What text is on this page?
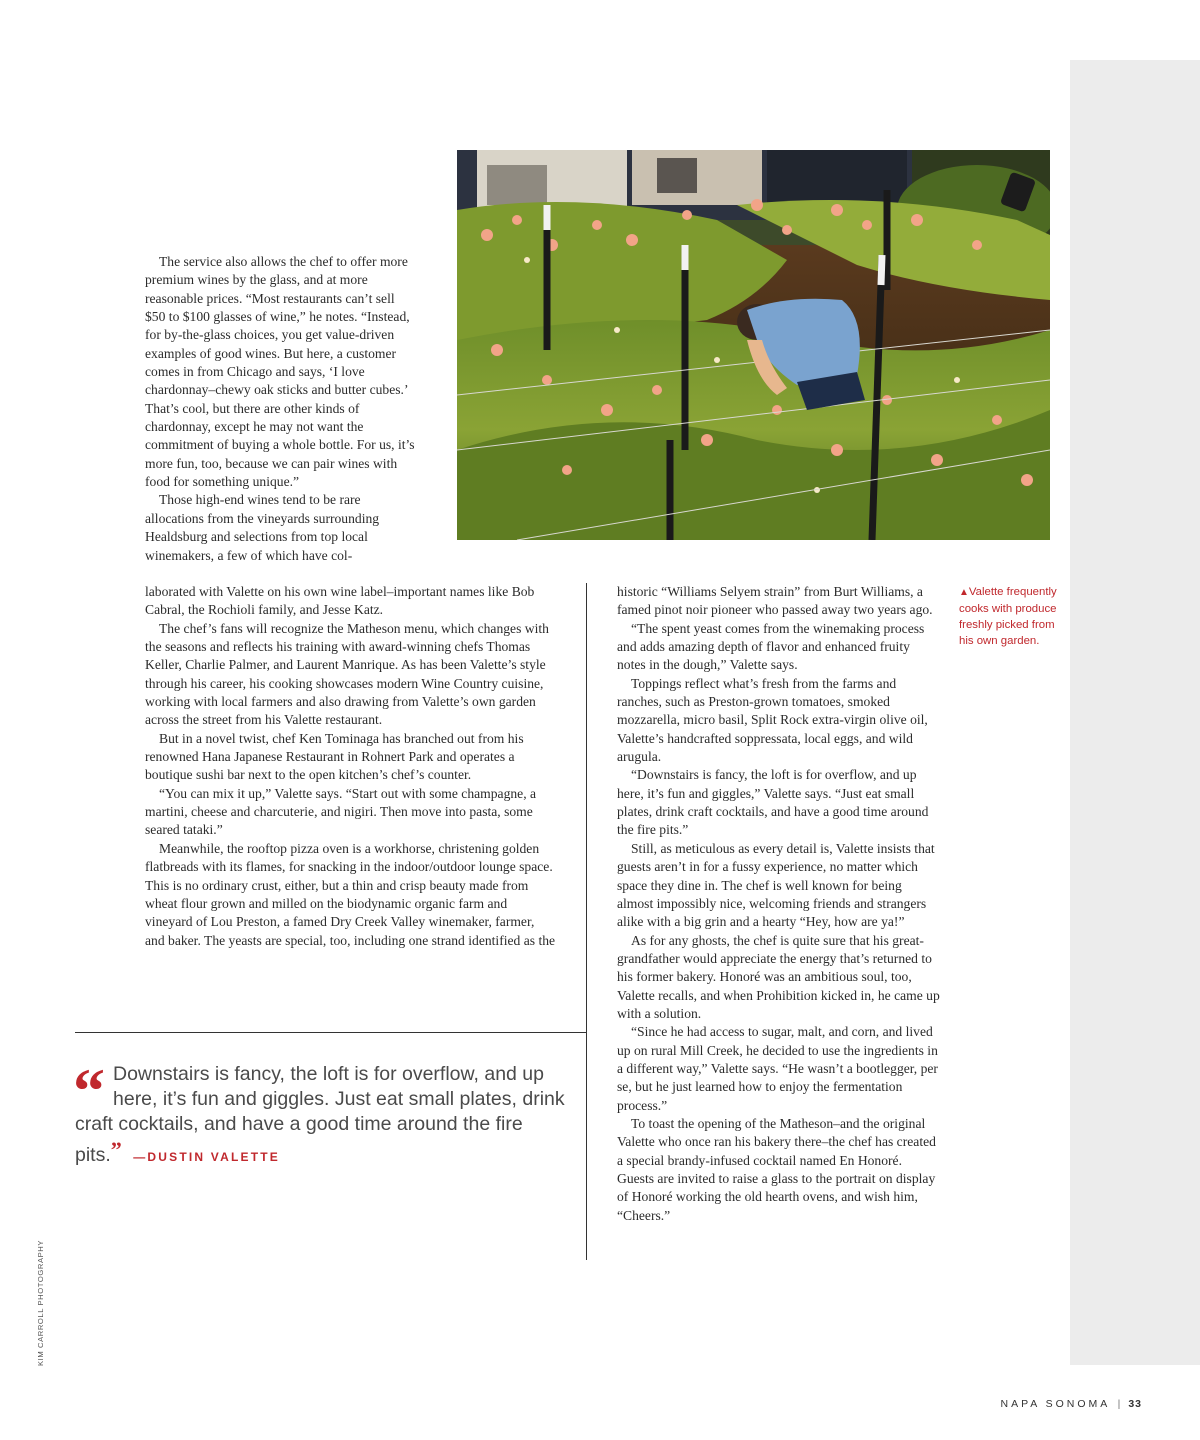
The service also allows the chef to offer more premium wines by the glass, and at more reasonable prices. “Most restaurants can’t sell $50 to $100 glasses of wine,” he notes. “Instead, for by-the-glass choices, you get value-driven examples of good wines. But here, a customer comes in from Chicago and says, ‘I love chardonnay–chewy oak sticks and butter cubes.’ That’s cool, but there are other kinds of chardonnay, except he may not want the commitment of buying a whole bottle. For us, it’s more fun, too, because we can pair wines with food for something unique.”

Those high-end wines tend to be rare allocations from the vineyards surrounding Healdsburg and selections from top local winemakers, a few of which have col-

laborated with Valette on his own wine label–important names like Bob Cabral, the Rochioli family, and Jesse Katz.

The chef’s fans will recognize the Matheson menu, which changes with the seasons and reflects his training with award-winning chefs Thomas Keller, Charlie Palmer, and Laurent Manrique. As has been Valette’s style through his career, his cooking showcases modern Wine Country cuisine, working with local farmers and also drawing from Valette’s own garden across the street from his Valette restaurant.

But in a novel twist, chef Ken Tominaga has branched out from his renowned Hana Japanese Restaurant in Rohnert Park and operates a boutique sushi bar next to the open kitchen’s chef’s counter.

“You can mix it up,” Valette says. “Start out with some champagne, a martini, cheese and charcuterie, and nigiri. Then move into pasta, some seared tataki.”

Meanwhile, the rooftop pizza oven is a workhorse, christening golden flatbreads with its flames, for snacking in the indoor/outdoor lounge space. This is no ordinary crust, either, but a thin and crisp beauty made from wheat flour grown and milled on the biodynamic organic farm and vineyard of Lou Preston, a famed Dry Creek Valley winemaker, farmer, and baker. The yeasts are special, too, including one strand identified as the

historic “Williams Selyem strain” from Burt Williams, a famed pinot noir pioneer who passed away two years ago.

“The spent yeast comes from the winemaking process and adds amazing depth of flavor and enhanced fruity notes in the dough,” Valette says.

Toppings reflect what’s fresh from the farms and ranches, such as Preston-grown tomatoes, smoked mozzarella, micro basil, Split Rock extra-virgin olive oil, Valette’s handcrafted soppressata, local eggs, and wild arugula.

“Downstairs is fancy, the loft is for overflow, and up here, it’s fun and giggles,” Valette says. “Just eat small plates, drink craft cocktails, and have a good time around the fire pits.”

Still, as meticulous as every detail is, Valette insists that guests aren’t in for a fussy experience, no matter which space they dine in. The chef is well known for being almost impossibly nice, welcoming friends and strangers alike with a big grin and a hearty “Hey, how are ya!”

As for any ghosts, the chef is quite sure that his great-grandfather would appreciate the energy that’s returned to his former bakery. Honoré was an ambitious soul, too, Valette recalls, and when Prohibition kicked in, he came up with a solution.

“Since he had access to sugar, malt, and corn, and lived up on rural Mill Creek, he decided to use the ingredients in a different way,” Valette says. “He wasn’t a bootlegger, per se, but he just learned how to enjoy the fermentation process.”

To toast the opening of the Matheson–and the original Valette who once ran his bakery there–the chef has created a special brandy-infused cocktail named En Honoré. Guests are invited to raise a glass to the portrait on display of Honoré working the old hearth ovens, and wish him, “Cheers.”

▲Valette frequently cooks with produce freshly picked from his own garden.
“ Downstairs is fancy, the loft is for overflow, and up here, it’s fun and giggles. Just eat small plates, drink craft cocktails, and have a good time around the fire pits.” —DUSTIN VALETTE
KIM CARROLL PHOTOGRAPHY
NAPA SONOMA | 33
